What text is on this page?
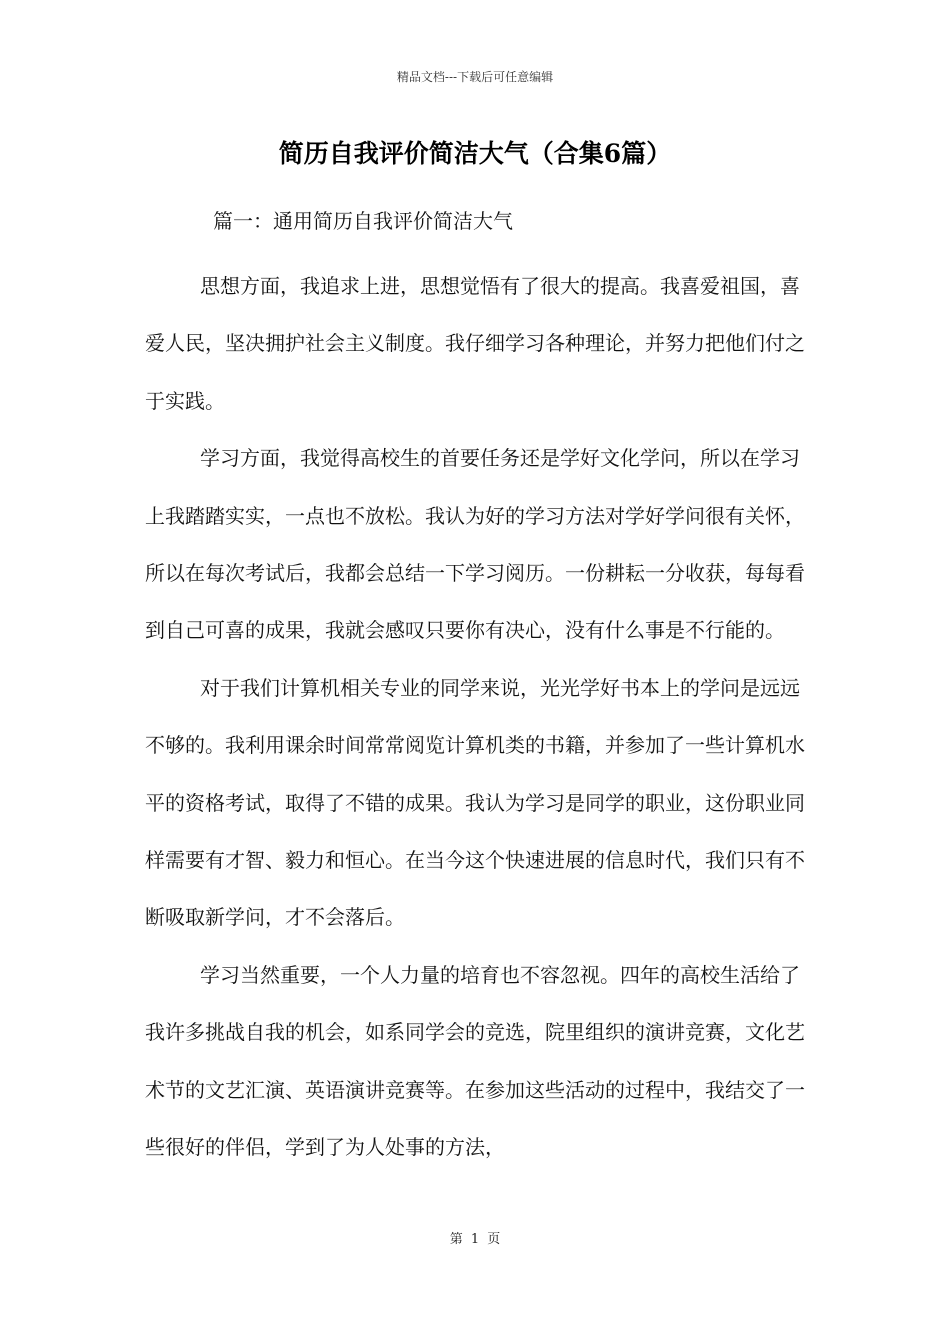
精品文档---下载后可任意编辑
简历自我评价简洁大气（合集6篇）
篇一：通用简历自我评价简洁大气

思想方面，我追求上进，思想觉悟有了很大的提高。我喜爱祖国，喜爱人民，坚决拥护社会主义制度。我仔细学习各种理论，并努力把他们付之于实践。

学习方面，我觉得高校生的首要任务还是学好文化学问，所以在学习上我踏踏实实，一点也不放松。我认为好的学习方法对学好学问很有关怀，所以在每次考试后，我都会总结一下学习阅历。一份耕耘一分收获，每每看到自己可喜的成果，我就会感叹只要你有决心，没有什么事是不行能的。

对于我们计算机相关专业的同学来说，光光学好书本上的学问是远远不够的。我利用课余时间常常阅览计算机类的书籍，并参加了一些计算机水平的资格考试，取得了不错的成果。我认为学习是同学的职业，这份职业同样需要有才智、毅力和恒心。在当今这个快速进展的信息时代，我们只有不断吸取新学问，才不会落后。

学习当然重要，一个人力量的培育也不容忽视。四年的高校生活给了我许多挑战自我的机会，如系同学会的竞选，院里组织的演讲竞赛，文化艺术节的文艺汇演、英语演讲竞赛等。在参加这些活动的过程中，我结交了一些很好的伴侣，学到了为人处事的方法，

第 1 页
